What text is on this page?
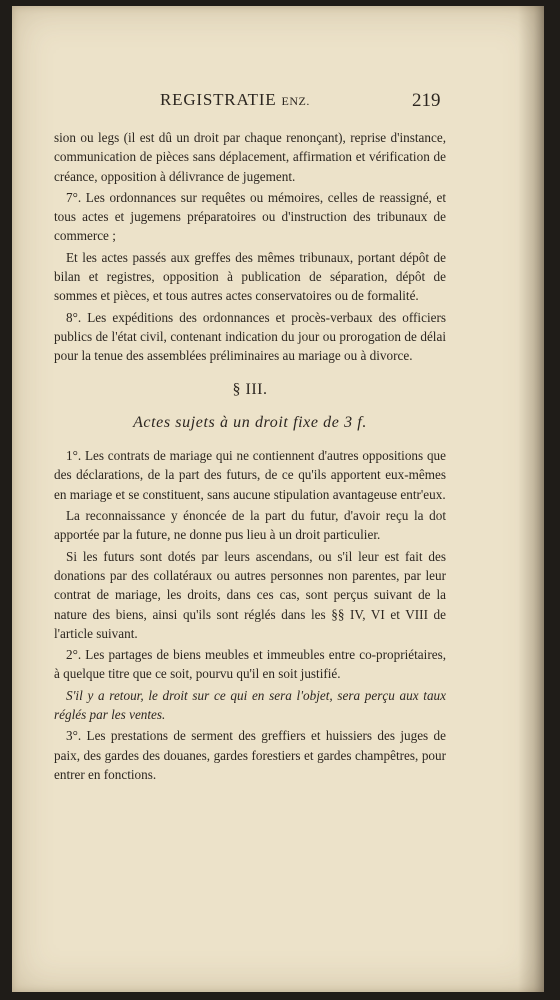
REGISTRATIE ENZ.	219

sion ou legs (il est dû un droit par chaque renonçant), reprise d'instance, communication de pièces sans déplacement, affirmation et vérification de créance, opposition à délivrance de jugement.

7°. Les ordonnances sur requêtes ou mémoires, celles de reassigné, et tous actes et jugemens préparatoires ou d'instruction des tribunaux de commerce ;

Et les actes passés aux greffes des mêmes tribunaux, portant dépôt de bilan et registres, opposition à publication de séparation, dépôt de sommes et pièces, et tous autres actes conservatoires ou de formalité.

8°. Les expéditions des ordonnances et procès-verbaux des officiers publics de l'état civil, contenant indication du jour ou prorogation de délai pour la tenue des assemblées préliminaires au mariage ou à divorce.

§ III.
Actes sujets à un droit fixe de 3 f.

1°. Les contrats de mariage qui ne contiennent d'autres oppositions que des déclarations, de la part des futurs, de ce qu'ils apportent eux-mêmes en mariage et se constituent, sans aucune stipulation avantageuse entr'eux.

La reconnaissance y énoncée de la part du futur, d'avoir reçu la dot apportée par la future, ne donne pus lieu à un droit particulier.

Si les futurs sont dotés par leurs ascendans, ou s'il leur est fait des donations par des collatéraux ou autres personnes non parentes, par leur contrat de mariage, les droits, dans ces cas, sont perçus suivant de la nature des biens, ainsi qu'ils sont réglés dans les §§ IV, VI et VIII de l'article suivant.

2°. Les partages de biens meubles et immeubles entre co-propriétaires, à quelque titre que ce soit, pourvu qu'il en soit justifié.

S'il y a retour, le droit sur ce qui en sera l'objet, sera perçu aux taux réglés par les ventes.

3°. Les prestations de serment des greffiers et huissiers des juges de paix, des gardes des douanes, gardes forestiers et gardes champêtres, pour entrer en fonctions.
